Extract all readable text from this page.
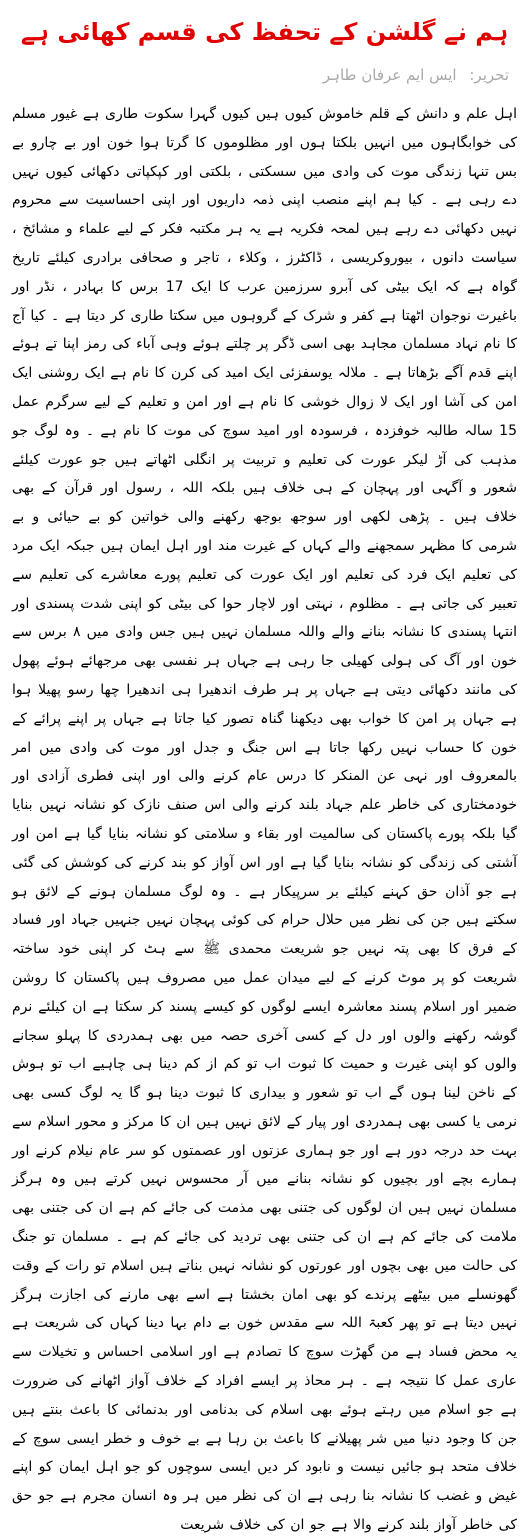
ہم نے گلشن کے تحفظ کی قسم کھائی ہے
تحریر: ایس ایم عرفان طاہر
اہل علم و دانش کے قلم خاموش کیوں ہیں کیوں گہرا سکوت طاری ہے غیور مسلم کی خوابگاہوں میں انہیں بلکتا ہوں اور مظلوموں کا گرتا ہوا خون اور بے چارو بے بس تنہا زندگی موت کی وادی میں سسکتی ، بلکتی اور کپکپاتی دکھائی کیوں نہیں دے رہی ہے ۔ کیا ہم اپنے منصب اپنی ذمہ داریوں اور اپنی احساسیت سے محروم نہیں دکھائی دے رہے ہیں لمحہ فکریہ ہے یہ ہر مکتبہ فکر کے لیے علماء و مشائخ ، سیاست دانوں ، بیوروکریسی ، ڈاکٹرز ، وکلاء ، تاجر و صحافی برادری کیلئے تاریخ گواہ ہے کہ ایک بیٹی کی آبرو سرزمین عرب کا ایک 17 برس کا بہادر ، نڈر اور باغیرت نوجوان اٹھتا ہے کفر و شرک کے گروہوں میں سکتا طاری کر دیتا ہے ۔ کیا آج کا نام نہاد مسلمان مجاہد بھی اسی ڈگر پر چلتے ہوئے وہی آباء کی رمز اپنا تے ہوئے اپنے قدم آگے بڑھاتا ہے ۔ ملالہ یوسفزئی ایک امید کی کرن کا نام ہے ایک روشنی ایک امن کی آشا اور ایک لا زوال خوشی کا نام ہے اور امن و تعلیم کے لیے سرگرم عمل 15 سالہ طالبہ خوفزدہ ، فرسودہ اور امید سوچ کی موت کا نام ہے ۔ وہ لوگ جو مذہب کی آڑ لیکر عورت کی تعلیم و تربیت پر انگلی اٹھاتے ہیں جو عورت کیلئے شعور و آگہی اور پہچان کے ہی خلاف ہیں بلکہ اللہ ، رسول اور قرآن کے بھی خلاف ہیں ۔ پڑھی لکھی اور سوجھ بوجھ رکھنے والی خواتین کو بے حیائی و بے شرمی کا مظہر سمجھنے والے کہاں کے غیرت مند اور اہل ایمان ہیں جبکہ ایک مرد کی تعلیم ایک فرد کی تعلیم اور ایک عورت کی تعلیم پورے معاشرے کی تعلیم سے تعبیر کی جاتی ہے ۔ مظلوم ، نہتی اور لاچار حوا کی بیٹی کو اپنی شدت پسندی اور انتہا پسندی کا نشانہ بنانے والے واللہ مسلمان نہیں ہیں جس وادی میں ۸ برس سے خون اور آگ کی ہولی کھیلی جا رہی ہے جہاں ہر نفسی بھی مرجھائے ہوئے پھول کی مانند دکھائی دیتی ہے جہاں پر ہر طرف اندھیرا ہی اندھیرا چھا رسو پھیلا ہوا ہے جہاں پر امن کا خواب بھی دیکھنا گناہ تصور کیا جاتا ہے جہاں پر اپنے پرائے کے خون کا حساب نہیں رکھا جاتا ہے اس جنگ و جدل اور موت کی وادی میں امر بالمعروف اور نہی عن المنکر کا درس عام کرنے والی اور اپنی فطری آزادی اور خودمختاری کی خاطر علم جہاد بلند کرنے والی اس صنف نازک کو نشانہ نہیں بنایا گیا بلکہ پورے پاکستان کی سالمیت اور بقاء و سلامتی کو نشانہ بنایا گیا ہے امن اور آشتی کی زندگی کو نشانہ بنایا گیا ہے اور اس آواز کو بند کرنے کی کوشش کی گئی ہے جو آذان حق کہنے کیلئے بر سرپیکار ہے ۔ وہ لوگ مسلمان ہونے کے لائق ہو سکتے ہیں جن کی نظر میں حلال حرام کی کوئی پہچان نہیں جنہیں جہاد اور فساد کے فرق کا بھی پتہ نہیں جو شریعت محمدی ﷺ سے ہٹ کر اپنی خود ساختہ شریعت کو پر موٹ کرنے کے لیے میدان عمل میں مصروف ہیں پاکستان کا روشن ضمیر اور اسلام پسند معاشرہ ایسے لوگوں کو کیسے پسند کر سکتا ہے ان کیلئے نرم گوشہ رکھنے والوں اور دل کے کسی آخری حصہ میں بھی ہمدردی کا پہلو سجانے والوں کو اپنی غیرت و حمیت کا ثبوت اب تو کم از کم دینا ہی چاہیے اب تو ہوش کے ناخن لینا ہوں گے اب تو شعور و بیداری کا ثبوت دینا ہو گا یہ لوگ کسی بھی نرمی یا کسی بھی ہمدردی اور پیار کے لائق نہیں ہیں ان کا مرکز و محور اسلام سے بہت حد درجہ دور ہے اور جو ہماری عزتوں اور عصمتوں کو سر عام نیلام کرنے اور ہمارے بچے اور بچیوں کو نشانہ بنانے میں آر محسوس نہیں کرتے ہیں وہ ہرگز مسلمان نہیں ہیں ان لوگوں کی جتنی بھی مذمت کی جائے کم ہے ان کی جتنی بھی ملامت کی جائے کم ہے ان کی جتنی بھی تردید کی جائے کم ہے ۔ مسلمان تو جنگ کی حالت میں بھی بچوں اور عورتوں کو نشانہ نہیں بناتے ہیں اسلام تو رات کے وقت گھونسلے میں بیٹھے پرندے کو بھی امان بخشتا ہے اسے بھی مارنے کی اجازت ہرگز نہیں دیتا ہے تو پھر کعبۃ اللہ سے مقدس خون بے دام بہا دینا کہاں کی شریعت ہے یہ محض فساد ہے من گھڑت سوچ کا تصادم ہے اور اسلامی احساس و تخیلات سے عاری عمل کا نتیجہ ہے ۔ ہر محاذ پر ایسے افراد کے خلاف آواز اٹھانے کی ضرورت ہے جو اسلام میں رہتے ہوئے بھی اسلام کی بدنامی اور بدنمائی کا باعث بنتے ہیں جن کا وجود دنیا میں شر پھیلانے کا باعث بن رہا ہے بے خوف و خطر ایسی سوچ کے خلاف متحد ہو جائیں نیست و نابود کر دیں ایسی سوچوں کو جو اہل ایمان کو اپنے غیض و غضب کا نشانہ بنا رہی ہے ان کی نظر میں ہر وہ انسان مجرم ہے جو حق کی خاطر آواز بلند کرنے والا ہے جو ان کی خلاف شریعت
